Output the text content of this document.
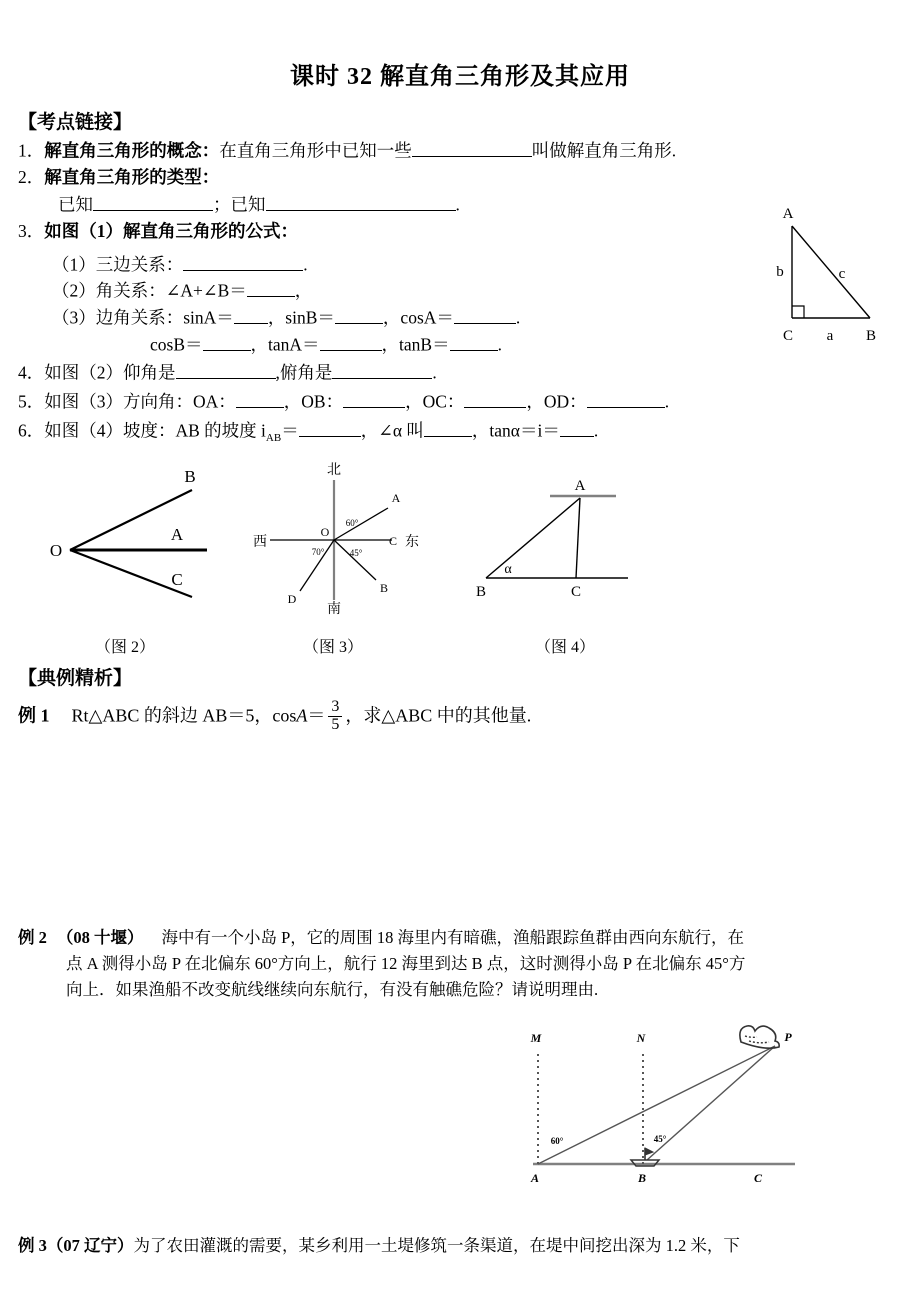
课时 32 解直角三角形及其应用
【考点链接】
1．解直角三角形的概念：在直角三角形中已知一些	叫做解直角三角形.
2．解直角三角形的类型：
已知	；已知	.
3．如图（1）解直角三角形的公式：
（1）三边关系：	.
（2）角关系：∠A+∠B＝	，
（3）边角关系：sinA＝ ，sinB＝	，cosA＝	.
cosB＝	，tanA＝	，tanB＝	.
4．如图（2）仰角是	,俯角是	.
5．如图（3）方向角：OA：	，OB：	，OC：	，OD：	.
6．如图（4）坡度：AB 的坡度 $i_{AB}=$	，∠α 叫	，tanα＝i＝ .
A
B
C
b
a
c
O
B
A
C
北
南
西	东
O
A
B
C
D
60°
45°
70°
A
B	C
α
（图 2）	（图 3）	（图 4）
【典例精析】
例 1 Rt△ABC 的斜边 AB＝5，$\cos A= \frac{3}{5}$ ，求△ABC 中的其他量.
例 2 （08 十堰） 海中有一个小岛 P，它的周围 18 海里内有暗礁，渔船跟踪鱼群由西向东航行，在
点 A 测得小岛 P 在北偏东 60°方向上，航行 12 海里到达 B 点，这时测得小岛 P 在北偏东 45°方
向上．如果渔船不改变航线继续向东航行，有没有触礁危险？请说明理由.
M	N	P
A	B	C
60°	45°
例 3（07 辽宁）为了农田灌溉的需要，某乡利用一土堤修筑一条渠道，在堤中间挖出深为 1.2 米，下
